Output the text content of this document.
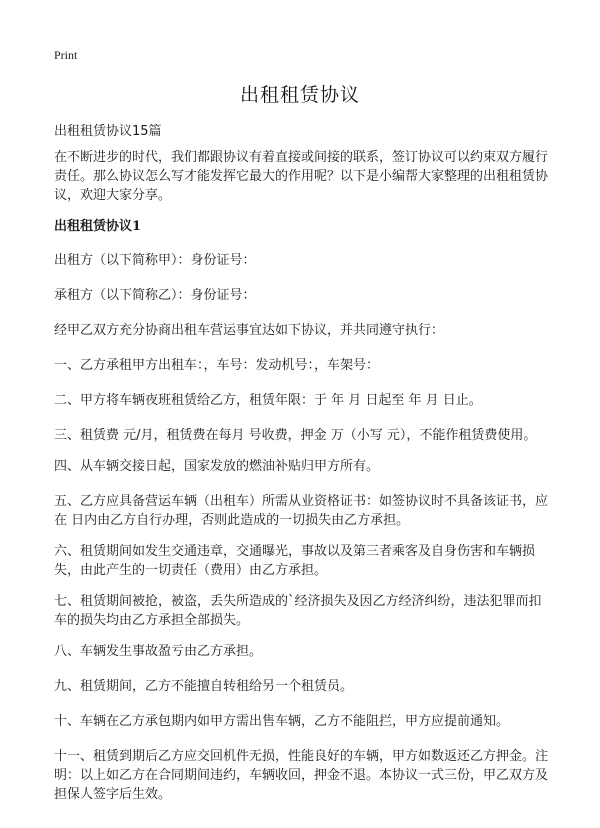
Print
出租租赁协议
出租租赁协议15篇

在不断进步的时代，我们都跟协议有着直接或间接的联系，签订协议可以约束双方履行责任。那么协议怎么写才能发挥它最大的作用呢？以下是小编帮大家整理的出租租赁协议，欢迎大家分享。

出租租赁协议1

出租方（以下简称甲）：身份证号：

承租方（以下简称乙）：身份证号：

经甲乙双方充分协商出租车营运事宜达如下协议，并共同遵守执行：

一、乙方承租甲方出租车：，车号：发动机号：，车架号：

二、甲方将车辆夜班租赁给乙方，租赁年限：于 年 月 日起至 年 月 日止。

三、租赁费 元/月，租赁费在每月 号收费，押金 万（小写 元），不能作租赁费使用。

四、从车辆交接日起，国家发放的燃油补贴归甲方所有。

五、乙方应具备营运车辆（出租车）所需从业资格证书：如签协议时不具备该证书，应在 日内由乙方自行办理，否则此造成的一切损失由乙方承担。

六、租赁期间如发生交通违章，交通曝光，事故以及第三者乘客及自身伤害和车辆损失，由此产生的一切责任（费用）由乙方承担。

七、租赁期间被抢，被盗，丢失所造成的`经济损失及因乙方经济纠纷，违法犯罪而扣车的损失均由乙方承担全部损失。

八、车辆发生事故盈亏由乙方承担。

九、租赁期间，乙方不能擅自转租给另一个租赁员。

十、车辆在乙方承包期内如甲方需出售车辆，乙方不能阻拦，甲方应提前通知。

十一、租赁到期后乙方应交回机件无损，性能良好的车辆，甲方如数返还乙方押金。注明：以上如乙方在合同期间违约，车辆收回，押金不退。本协议一式三份，甲乙双方及担保人签字后生效。
